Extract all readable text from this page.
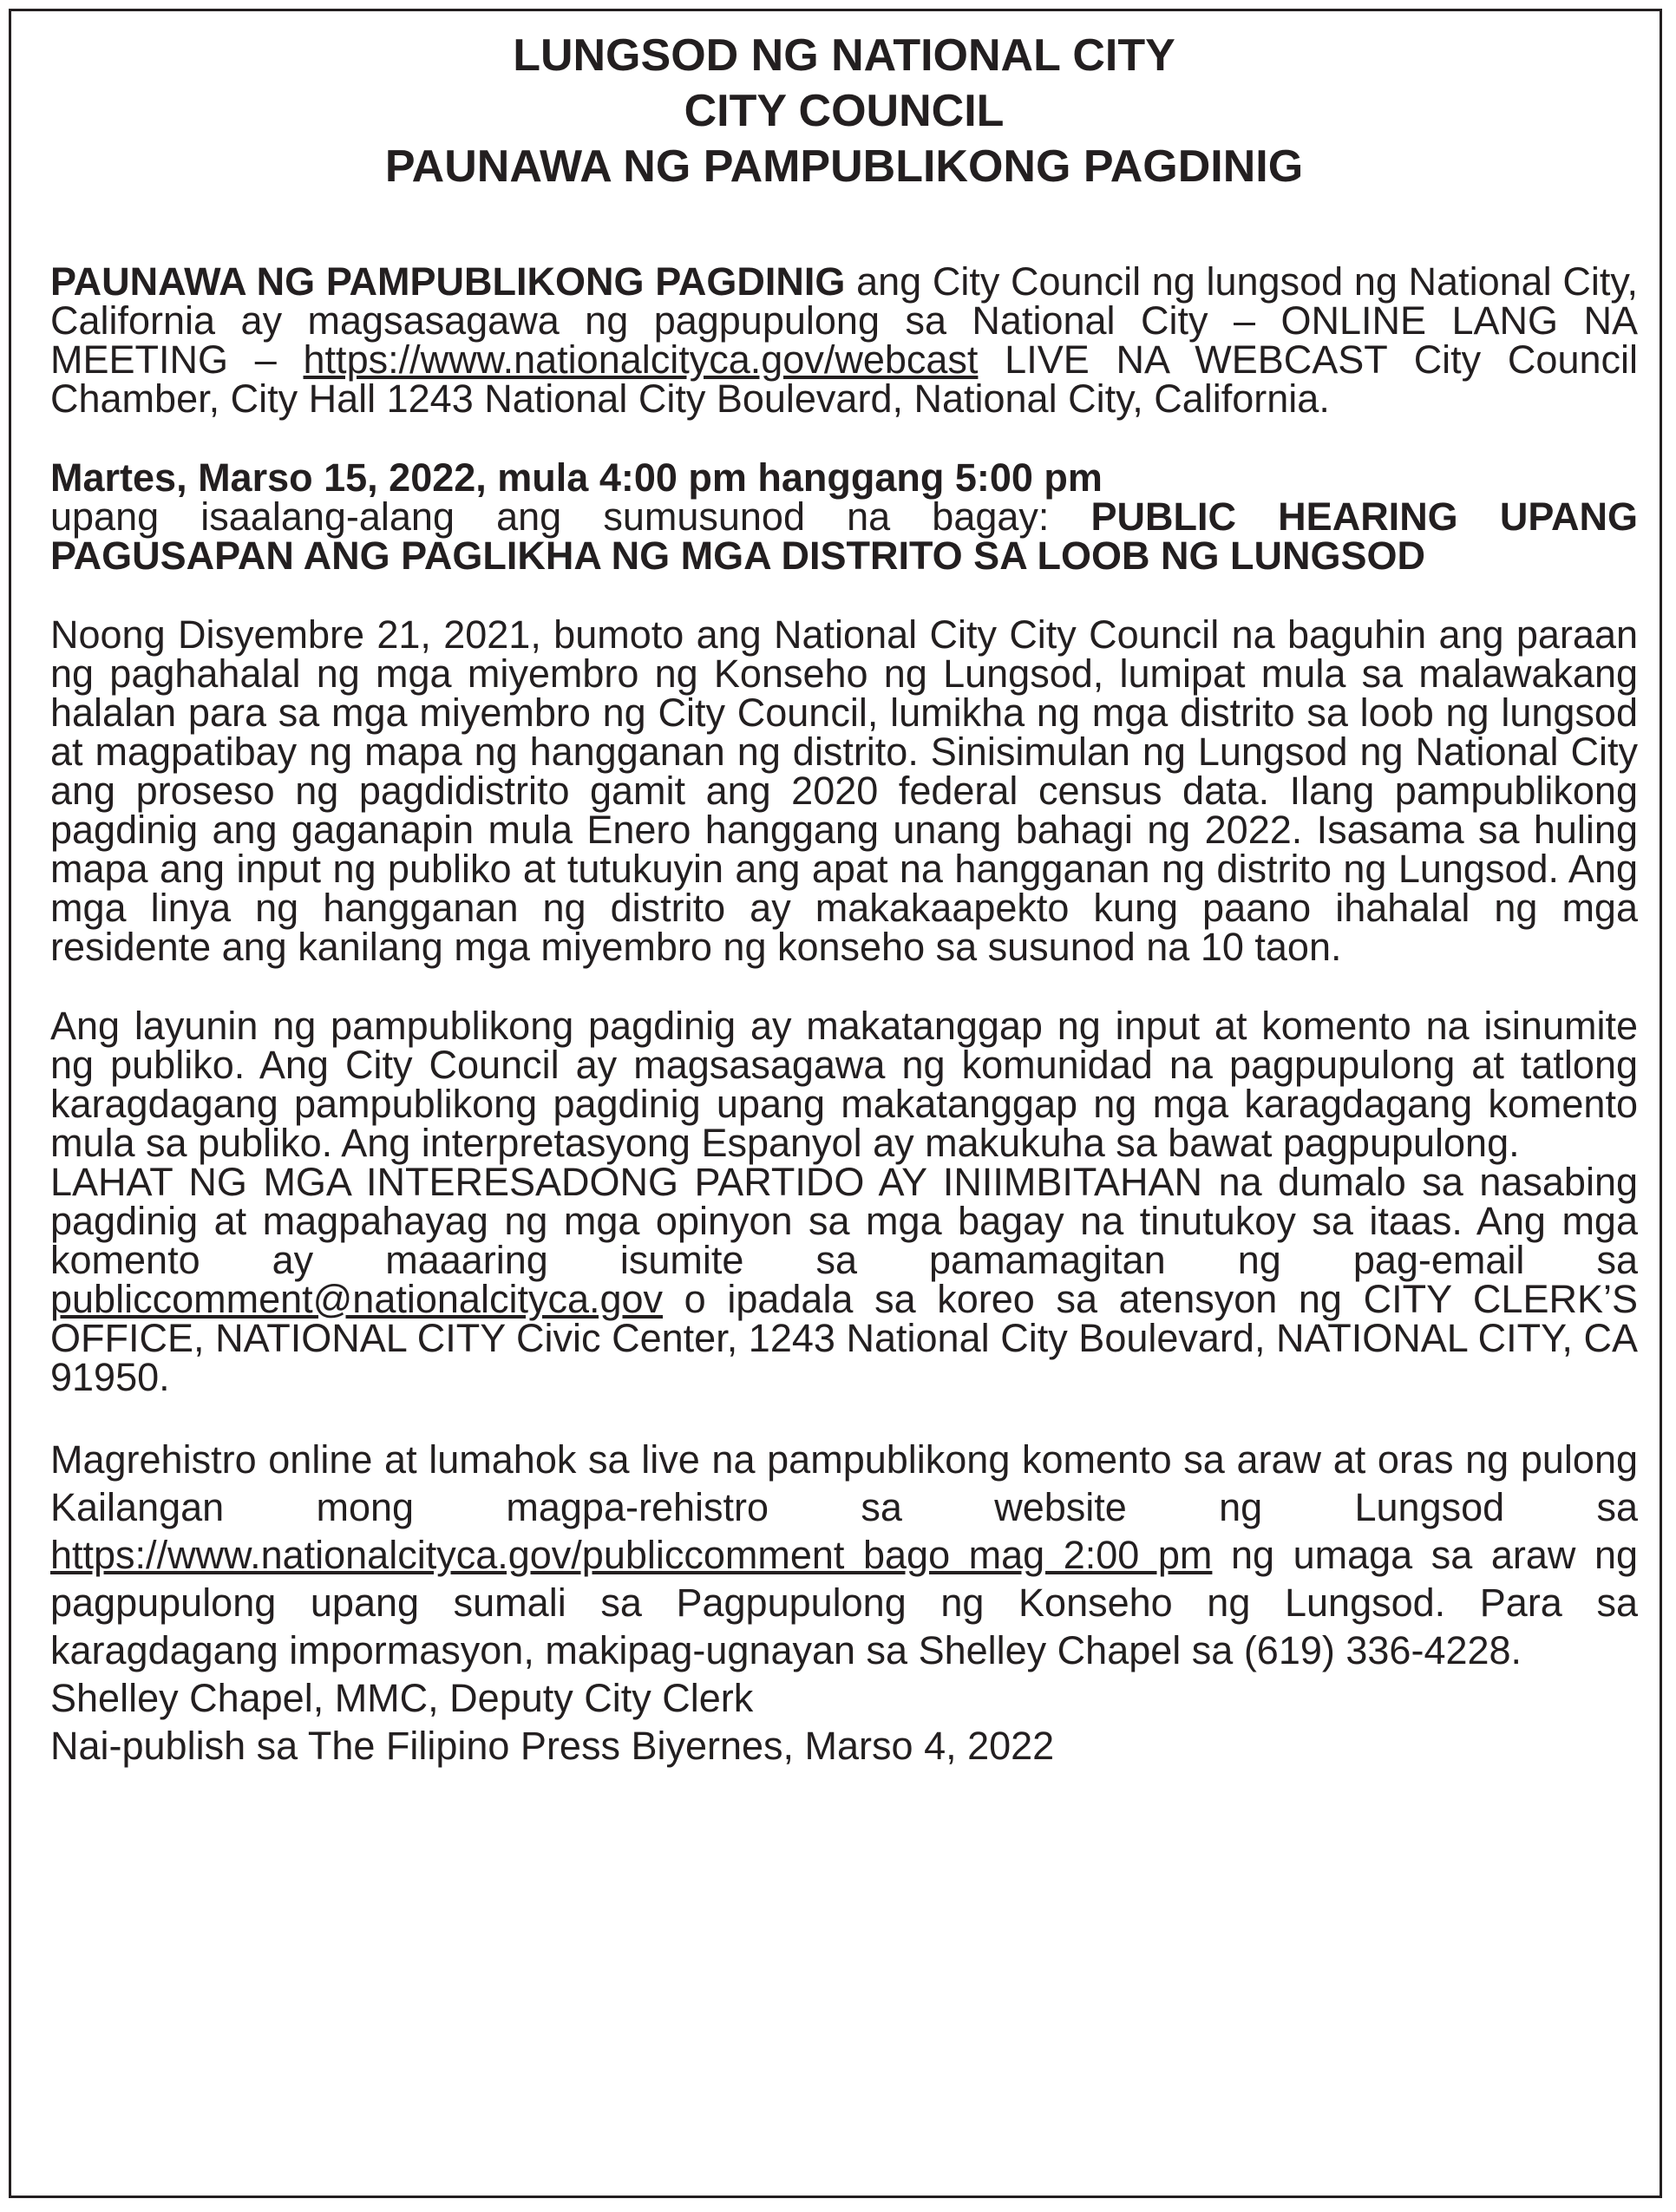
LUNGSOD NG NATIONAL CITY
CITY COUNCIL
PAUNAWA NG PAMPUBLIKONG PAGDINIG

PAUNAWA NG PAMPUBLIKONG PAGDINIG ang City Council ng lungsod ng National City, California ay magsasagawa ng pagpupulong sa National City – ONLINE LANG NA MEETING – https://www.nationalcityca.gov/webcast LIVE NA WEBCAST City Council Chamber, City Hall 1243 National City Boulevard, National City, California.

Martes, Marso 15, 2022, mula 4:00 pm hanggang 5:00 pm
upang isaalang-alang ang sumusunod na bagay: PUBLIC HEARING UPANG PAGUSAPAN ANG PAGLIKHA NG MGA DISTRITO SA LOOB NG LUNGSOD

Noong Disyembre 21, 2021, bumoto ang National City City Council na baguhin ang paraan ng paghahalal ng mga miyembro ng Konseho ng Lungsod, lumipat mula sa malawakang halalan para sa mga miyembro ng City Council, lumikha ng mga distrito sa loob ng lungsod at magpatibay ng mapa ng hangganan ng distrito. Sinisimulan ng Lungsod ng National City ang proseso ng pagdidistrito gamit ang 2020 federal census data. Ilang pampublikong pagdinig ang gaganapin mula Enero hanggang unang bahagi ng 2022. Isasama sa huling mapa ang input ng publiko at tutukuyin ang apat na hangganan ng distrito ng Lungsod. Ang mga linya ng hangganan ng distrito ay makakaapekto kung paano ihahalal ng mga residente ang kanilang mga miyembro ng konseho sa susunod na 10 taon.

Ang layunin ng pampublikong pagdinig ay makatanggap ng input at komento na isinumite ng publiko. Ang City Council ay magsasagawa ng komunidad na pagpupulong at tatlong karagdagang pampublikong pagdinig upang makatanggap ng mga karagdagang komento mula sa publiko. Ang interpretasyong Espanyol ay makukuha sa bawat pagpupulong.

LAHAT NG MGA INTERESADONG PARTIDO AY INIIMBITAHAN na dumalo sa nasabing pagdinig at magpahayag ng mga opinyon sa mga bagay na tinutukoy sa itaas. Ang mga komento ay maaaring isumite sa pamamagitan ng pag-email sa publiccomment@nationalcityca.gov o ipadala sa koreo sa atensyon ng CITY CLERK’S OFFICE, NATIONAL CITY Civic Center, 1243 National City Boulevard, NATIONAL CITY, CA 91950.

Magrehistro online at lumahok sa live na pampublikong komento sa araw at oras ng pulong Kailangan mong magpa-rehistro sa website ng Lungsod sa https://www.nationalcityca.gov/publiccomment bago mag 2:00 pm ng umaga sa araw ng pagpupulong upang sumali sa Pagpupulong ng Konseho ng Lungsod. Para sa karagdagang impormasyon, makipag-ugnayan sa Shelley Chapel sa (619) 336-4228.

Shelley Chapel, MMC, Deputy City Clerk
Nai-publish sa The Filipino Press Biyernes, Marso 4, 2022
